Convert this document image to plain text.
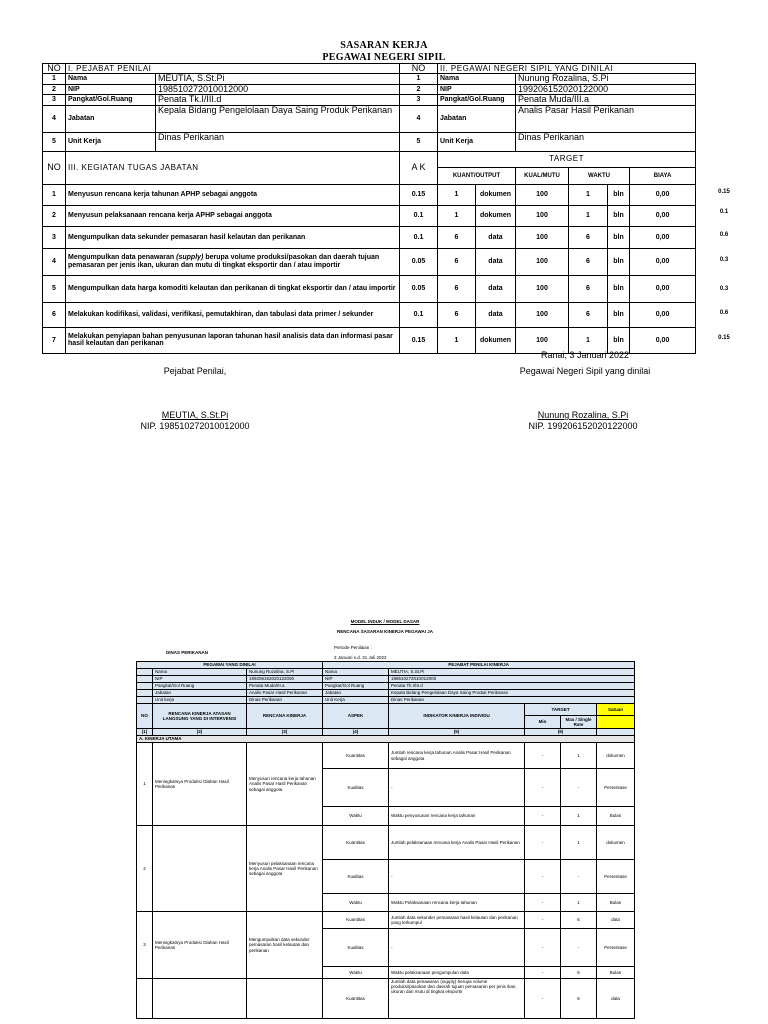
SASARAN KERJA
PEGAWAI NEGERI SIPIL
NO	I. PEJABAT PENILAI		NO	II. PEGAWAI NEGERI SIPIL YANG DINILAI					
1	Nama	MEUTIA, S.St.Pi	1	Nama		Nunung Rozalina, S.Pi			
2	NIP	198510272010012000	2	NIP		199206152020122000			
3	Pangkat/Gol.Ruang	Penata Tk.I/III.d	3	Pangkat/Gol.Ruang		Penata Muda/III.a			
4	Jabatan	Kepala Bidang Pengelolaan Daya Saing Produk Perikanan	4	Jabatan		Analis Pasar Hasil Perikanan			
5	Unit Kerja	Dinas Perikanan	5	Unit Kerja		Dinas Perikanan			
NO	III. KEGIATAN TUGAS JABATAN		A K	TARGET					
				KUANT/OUTPUT		KUAL/MUTU	WAKTU		BIAYA
1	Menyusun rencana kerja tahunan APHP sebagai anggota		0.15	1	dokumen	100	1	bln	0,00
2	Menyusun pelaksanaan rencana kerja APHP sebagai anggota		0.1	1	dokumen	100	1	bln	0,00
3	Mengumpulkan data sekunder pemasaran hasil kelautan dan perikanan		0.1	6	data	100	6	bln	0,00
4	Mengumpulkan data penawaran (supply) berupa volume produksi/pasokan dan daerah tujuan pemasaran per jenis ikan, ukuran dan mutu di tingkat eksportir dan / atau importir		0.05	6	data	100	6	bln	0,00
5	Mengumpulkan data harga komoditi kelautan dan perikanan di tingkat eksportir dan / atau importir		0.05	6	data	100	6	bln	0,00
6	Melakukan kodifikasi, validasi, verifikasi, pemutakhiran, dan tabulasi data primer / sekunder		0.1	6	data	100	6	bln	0,00
7	Melakukan penyiapan bahan penyusunan laporan tahunan hasil analisis data dan informasi pasar hasil kelautan dan perikanan		0.15	1	dokumen	100	1	bln	0,00
0.15
0.1
0.6
0.3
0.3
0.6
0.15
Ranai, 3 Januari 2022
Pejabat Penilai,	Pegawai Negeri Sipil yang dinilai
MEUTIA, S.St.Pi
NIP. 198510272010012000
Nunung Rozalina, S.Pi
NIP. 199206152020122000
MODEL INDUK / MODEL DASAR
RENCANA SASARAN KINERJA PEGAWAI JA
DINAS PERIKANAN
Periode Penilaian :
3 Januari s.d. 31 Juli 2022
PEGAWAI YANG DINILAI			PEJABAT PENILAI KINERJA				
	Nama	Nunung Rozalina, S.Pi	Nama	MEUTIA, S.St.Pi			
	NIP	199206152020122000	NIP	198510272010012000			
	Pangkat/Gol Ruang	Penata Muda/III.a	Pangkat/Gol Ruang	Penata Tk.I/III.d			
	Jabatan	Analis Pasar Hasil Perikanan	Jabatan	Kepala Bidang Pengelolaan Daya Saing Produk Perikanan			
	Unit kerja	Dinas Perikanan	Unit Kerja	Dinas Perikanan			
NO	RENCANA KINERJA ATASAN LANGSUNG YANG DI INTERVENSI	RENCANA KINERJA	ASPEK	INDIKATOR KINERJA INDIVIDU	TARGET		Satuan
					Min	Max / Single Rate	
(1)	(2)	(3)	(4)	(5)	(6)		
A. KINERJA UTAMA							
1	Meningkatnya Produksi Olahan Hasil Perikanan	Menyusun rencana kerja tahunan Analis Pasar Hasil Perikanan sebagai anggota	Kuantitas	Jumlah rencana kerja tahunan Analis Pasar Hasil Perikanan sebagai anggota	-	1	dokumen
			Kualitas	-	-	-	Persentase
			Waktu	Waktu penyusunan rencana kerja tahunan	-	1	Bulan
2		Menyusun pelaksanaan rencana kerja Analis Pasar Hasil Perikanan sebagai anggota	Kuantitas	Jumlah pelaksanaan rencana kerja Analis Pasar Hasil Perikanan	-	1	dokumen
			Kualitas	-	-	-	Persentase
			Waktu	Waktu Pelaksanaan rencana kerja tahunan	-	1	Bulan
3	Meningkatnya Produksi Olahan Hasil Perikanan	Mengumpulkan data sekunder pemasaran hasil kelautan dan perikanan	Kuantitas	Jumlah data sekunder pemasaran hasil kelautan dan perikanan yang terkumpul	-	6	data
			Kualitas	-	-	-	Persentase
			Waktu	Waktu pelaksanaan pengumpulan data	-	6	Bulan
			Kuantitas	Jumlah data penawaran (supply) berupa volume produksi/pasokan dan daerah tujuan pemasaran per jenis ikan, ukuran dan mutu di tingkat eksportir	-	6	data
